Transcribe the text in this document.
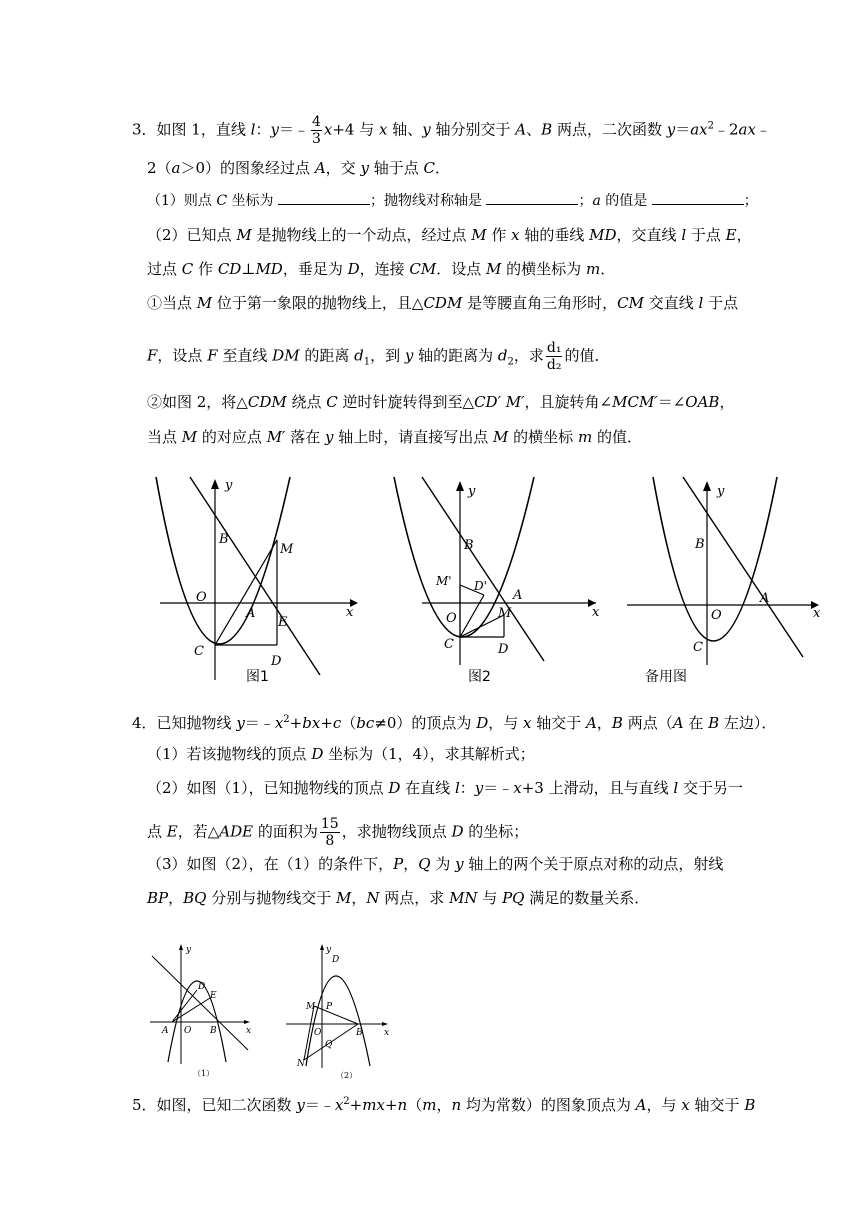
3．如图 1，直线 l：y＝﹣ $\frac{4}{3} x+4$ 与 x 轴、y 轴分别交于 A、B 两点，二次函数 $y=ax^2﹣2ax﹣$
2（a＞0）的图象经过点 A，交 y 轴于点 C．
（1）则点 C 坐标为	；抛物线对称轴是	；a 的值是	；
（2）已知点 M 是抛物线上的一个动点，经过点 M 作 x 轴的垂线 MD，交直线 l 于点 E，
过点 C 作 CD⊥MD，垂足为 D，连接 CM．设点 M 的横坐标为 m．
①当点 M 位于第一象限的抛物线上，且△CDM 是等腰直角三角形时，CM 交直线 l 于点
F，设点 F 至直线 DM 的距离 $d_1$，到 y 轴的距离为 $d_2$，求 $\frac{\text{d₁}}{\text{d₂}}$ 的值．
②如图 2，将△CDM 绕点 C 逆时针旋转得到至△CD′ M′，且旋转角∠MCM′＝∠OAB，
当点 M 的对应点 M′ 落在 y 轴上时，请直接写出点 M 的横坐标 m 的值．
y
x
B
M
O
A
E
C
D
图1
y
x
B
M' D'
O
A
M
C	D
图2
y
x
B
O
A
C
备用图
4．已知抛物线 $y=﹣x^2+bx+c(bc\ne 0)$的顶点为 D，与 x 轴交于 A，B 两点（A 在 B 左边）．
（1）若该抛物线的顶点 D 坐标为（1，4），求其解析式；
（2）如图（1），已知抛物线的顶点 D 在直线 l：y＝﹣x+3 上滑动，且与直线 l 交于另一
点 E，若△ADE 的面积为 $\frac{15}{8}$ ，求抛物线顶点 D 的坐标；
（3）如图（2），在（1）的条件下，P，Q 为 y 轴上的两个关于原点对称的动点，射线
BP，BQ 分别与抛物线交于 M，N 两点，求 MN 与 PQ 满足的数量关系．
y
x
D
E
A O B
（1）
y
x
D
M P
O	B
Q
N
（2）
5．如图，已知二次函数 $y=﹣x^2+mx+n(m$，n 均为常数）的图象顶点为 A，与 x 轴交于 B
